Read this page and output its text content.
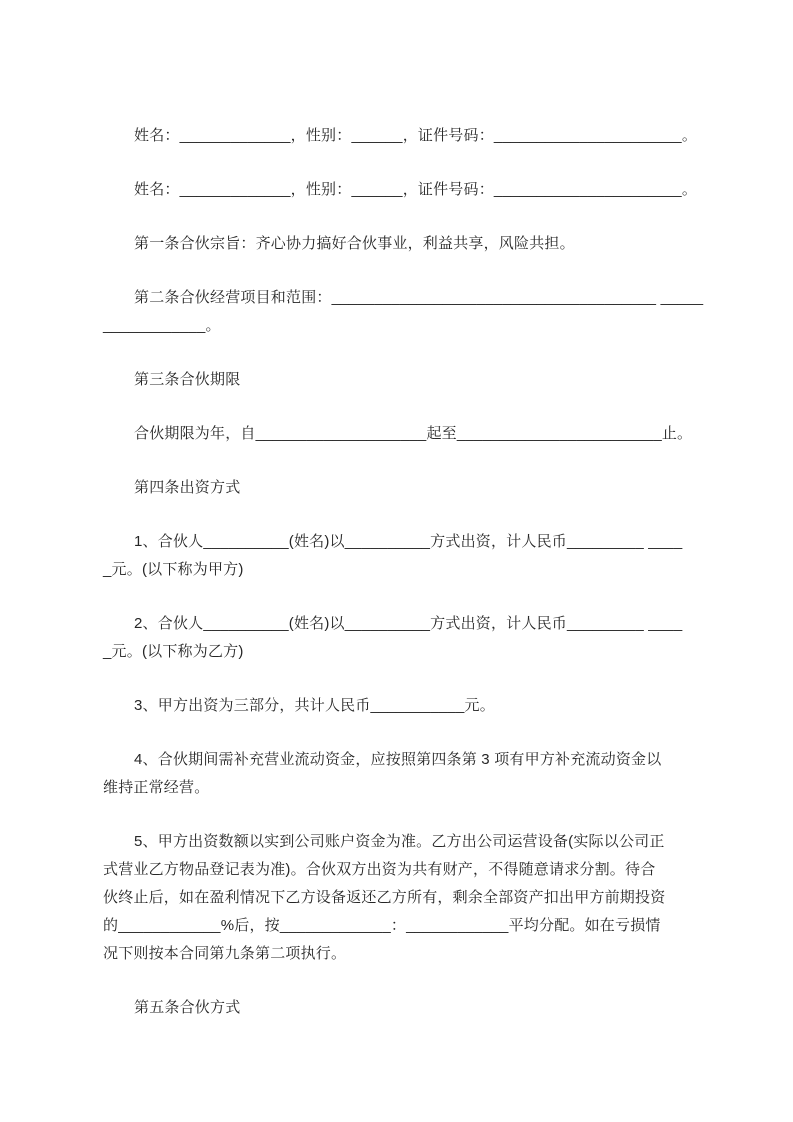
姓名：_____________，性别：______，证件号码：______________________。

姓名：_____________，性别：______，证件号码：______________________。

第一条合伙宗旨：齐心协力搞好合伙事业，利益共享，风险共担。

第二条合伙经营项目和范围：______________________________________ _____
____________。

第三条合伙期限

合伙期限为年，自____________________起至________________________止。

第四条出资方式

1、合伙人__________(姓名)以__________方式出资，计人民币_________ ____
_元。(以下称为甲方)

2、合伙人__________(姓名)以__________方式出资，计人民币_________ ____
_元。(以下称为乙方)

3、甲方出资为三部分，共计人民币___________元。

4、合伙期间需补充营业流动资金，应按照第四条第 3 项有甲方补充流动资金以
维持正常经营。

5、甲方出资数额以实到公司账户资金为准。乙方出公司运营设备(实际以公司正
式营业乙方物品登记表为准)。合伙双方出资为共有财产，不得随意请求分割。待合
伙终止后，如在盈利情况下乙方设备返还乙方所有，剩余全部资产扣出甲方前期投资
的____________%后，按_____________：____________平均分配。如在亏损情
况下则按本合同第九条第二项执行。

第五条合伙方式
